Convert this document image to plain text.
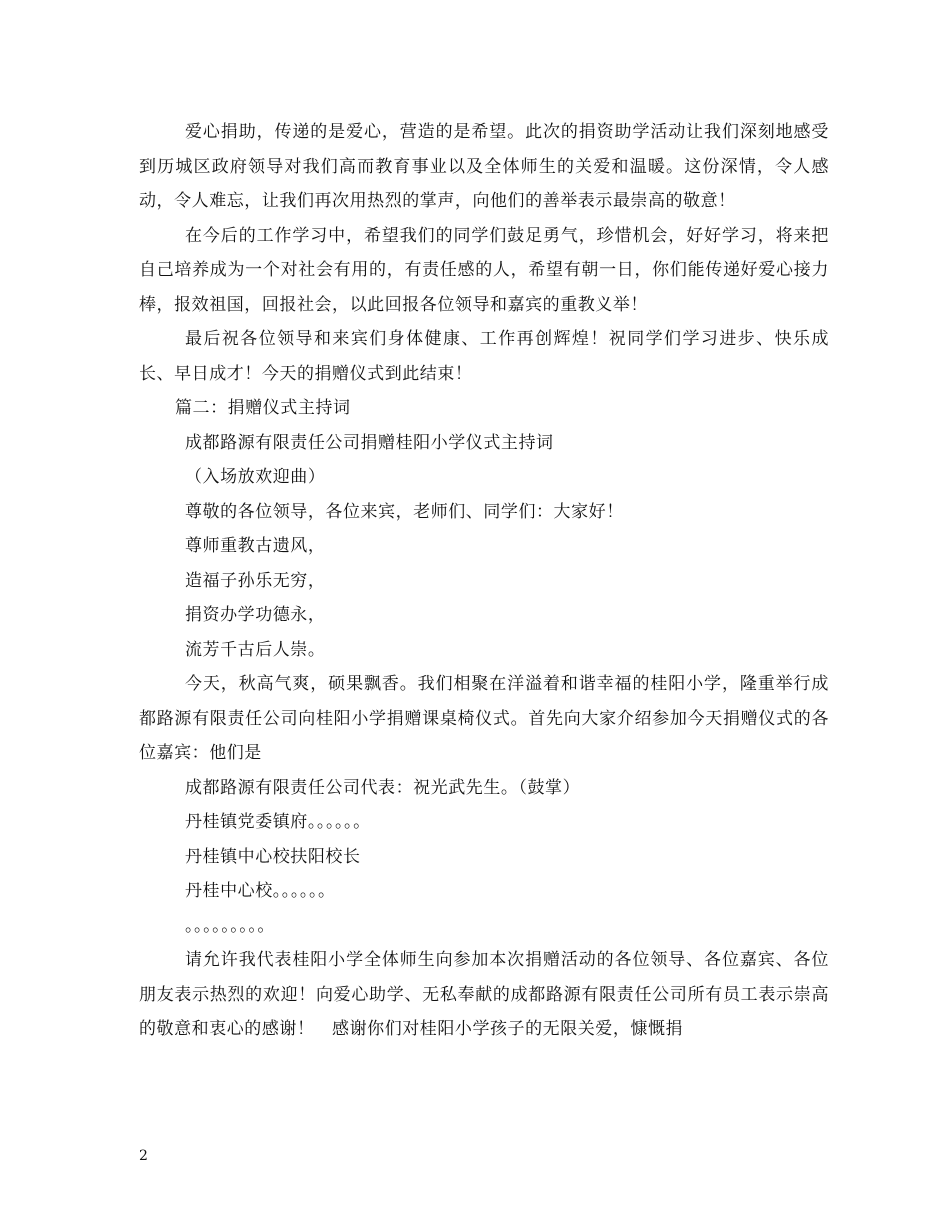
爱心捐助，传递的是爱心，营造的是希望。此次的捐资助学活动让我们深刻地感受到历城区政府领导对我们高而教育事业以及全体师生的关爱和温暖。这份深情，令人感动，令人难忘，让我们再次用热烈的掌声，向他们的善举表示最崇高的敬意！

在今后的工作学习中，希望我们的同学们鼓足勇气，珍惜机会，好好学习，将来把自己培养成为一个对社会有用的，有责任感的人，希望有朝一日，你们能传递好爱心接力棒，报效祖国，回报社会，以此回报各位领导和嘉宾的重教义举！

最后祝各位领导和来宾们身体健康、工作再创辉煌！祝同学们学习进步、快乐成长、早日成才！今天的捐赠仪式到此结束！

篇二：捐赠仪式主持词

成都路源有限责任公司捐赠桂阳小学仪式主持词

（入场放欢迎曲）

尊敬的各位领导，各位来宾，老师们、同学们：大家好！

尊师重教古遗风，

造福子孙乐无穷，

捐资办学功德永，

流芳千古后人崇。

今天，秋高气爽，硕果飘香。我们相聚在洋溢着和谐幸福的桂阳小学，隆重举行成都路源有限责任公司向桂阳小学捐赠课桌椅仪式。首先向大家介绍参加今天捐赠仪式的各位嘉宾：他们是

成都路源有限责任公司代表：祝光武先生。（鼓掌）

丹桂镇党委镇府。。。。。。

丹桂镇中心校扶阳校长

丹桂中心校。。。。。。

。。。。。。。。。

请允许我代表桂阳小学全体师生向参加本次捐赠活动的各位领导、各位嘉宾、各位朋友表示热烈的欢迎！向爱心助学、无私奉献的成都路源有限责任公司所有员工表示崇高的敬意和衷心的感谢！　感谢你们对桂阳小学孩子的无限关爱，慷慨捐

2
